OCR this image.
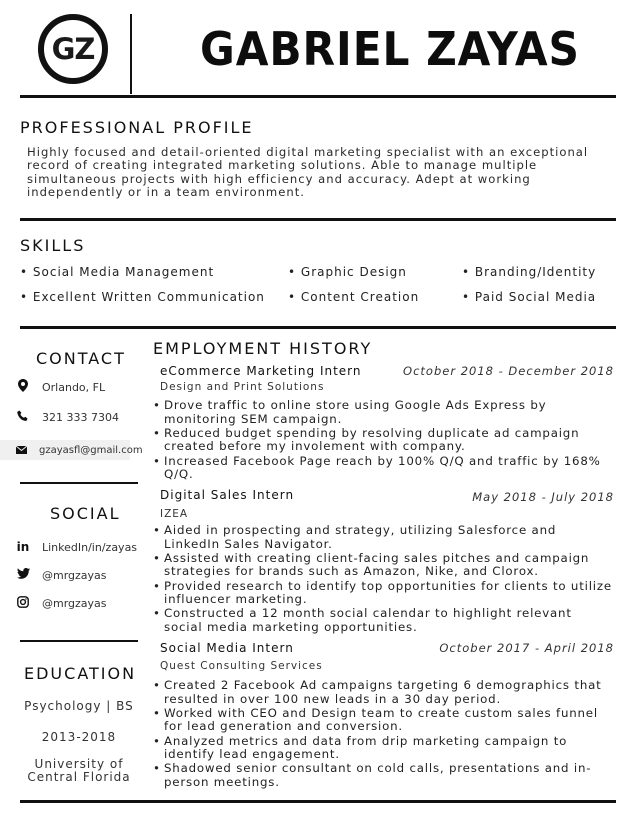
GZ GABRIEL ZAYAS
PROFESSIONAL PROFILE
Highly focused and detail-oriented digital marketing specialist with an exceptional record of creating integrated marketing solutions. Able to manage multiple simultaneous projects with high efficiency and accuracy. Adept at working independently or in a team environment.
SKILLS
• Social Media Management	• Graphic Design	• Branding/Identity
• Excellent Written Communication • Content Creation	• Paid Social Media
CONTACT
Orlando, FL
321 333 7304
gzayasfl@gmail.com
SOCIAL
in LinkedIn/in/zayas
@mrgzayas
@mrgzayas
EDUCATION
Psychology | BS
2013-2018
University of
Central Florida
EMPLOYMENT HISTORY
eCommerce Marketing Intern	October 2018 - December 2018
Design and Print Solutions
• Drove traffic to online store using Google Ads Express by monitoring SEM campaign.
• Reduced budget spending by resolving duplicate ad campaign created before my involement with company.
• Increased Facebook Page reach by 100% Q/Q and traffic by 168% Q/Q.
Digital Sales Intern	May 2018 - July 2018
IZEA
• Aided in prospecting and strategy, utilizing Salesforce and LinkedIn Sales Navigator.
• Assisted with creating client-facing sales pitches and campaign strategies for brands such as Amazon, Nike, and Clorox.
• Provided research to identify top opportunities for clients to utilize influencer marketing.
• Constructed a 12 month social calendar to highlight relevant social media marketing opportunities.
Social Media Intern	October 2017 - April 2018
Quest Consulting Services
• Created 2 Facebook Ad campaigns targeting 6 demographics that resulted in over 100 new leads in a 30 day period.
• Worked with CEO and Design team to create custom sales funnel for lead generation and conversion.
• Analyzed metrics and data from drip marketing campaign to identify lead engagement.
• Shadowed senior consultant on cold calls, presentations and in-person meetings.
